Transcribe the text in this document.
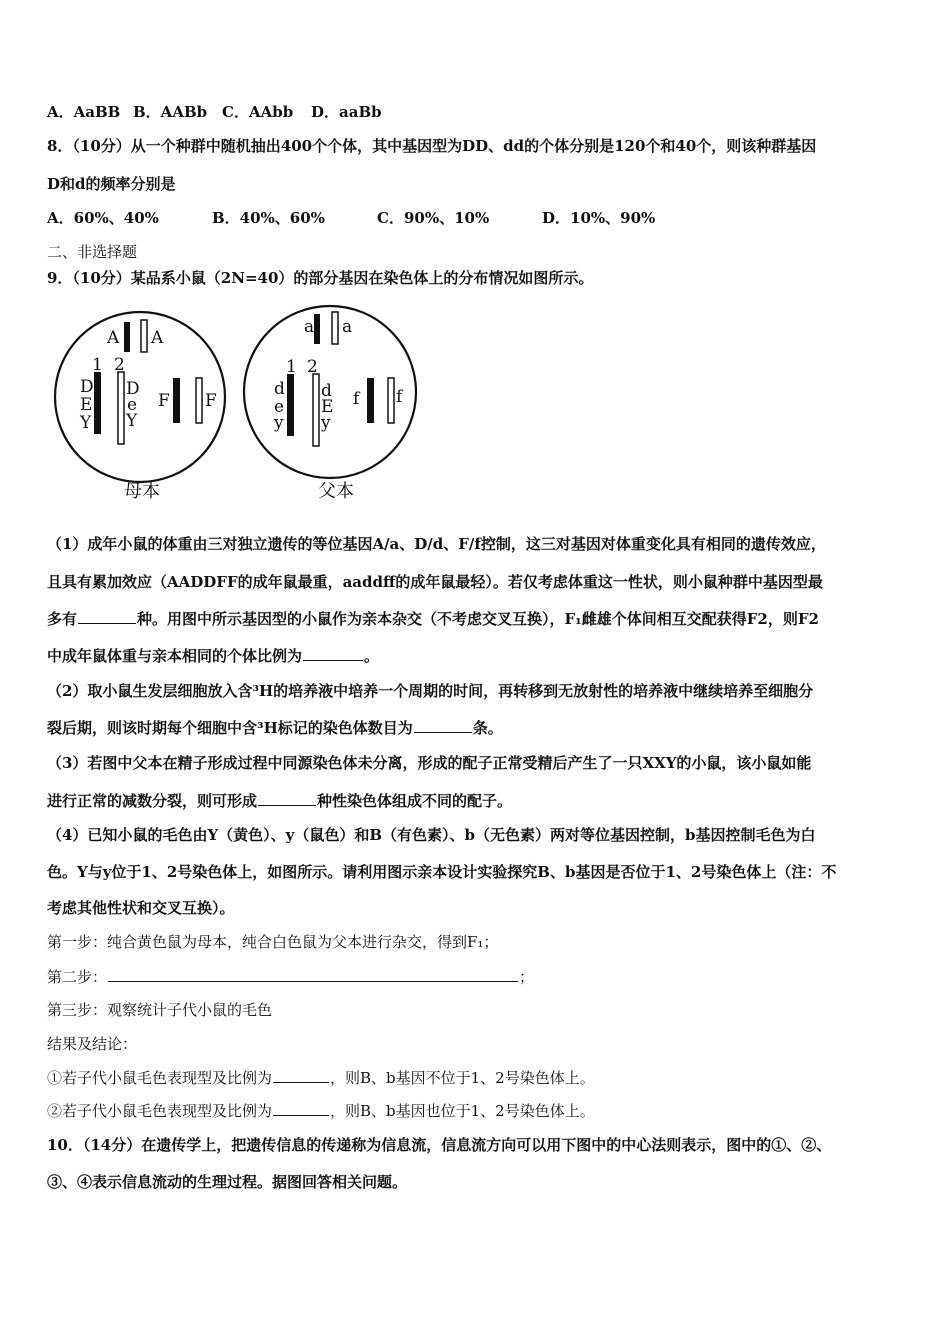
A．AaBB B．AABb C．AAbb D．aaBb
8．（10分）从一个种群中随机抽出400个个体，其中基因型为DD、dd的个体分别是120个和40个，则该种群基因
D和d的频率分别是
A．60%、40%	B．40%、60%	C．90%、10%	D．10%、90%
二、非选择题
9．（10分）某品系小鼠（2N=40）的部分基因在染色体上的分布情况如图所示。
A A
1 2
D
E
Y
D
e
Y
F F
a a
1 2
d
e
y
d
E
y
f f
母本	父本
（1）成年小鼠的体重由三对独立遗传的等位基因A/a、D/d、F/f控制，这三对基因对体重变化具有相同的遗传效应，
且具有累加效应（AADDFF的成年鼠最重，aaddff的成年鼠最轻）。若仅考虑体重这一性状，则小鼠种群中基因型最
多有	种。用图中所示基因型的小鼠作为亲本杂交（不考虑交叉互换），F₁雌雄个体间相互交配获得F2，则F2
中成年鼠体重与亲本相同的个体比例为	。
（2）取小鼠生发层细胞放入含³H的培养液中培养一个周期的时间，再转移到无放射性的培养液中继续培养至细胞分
裂后期，则该时期每个细胞中含³H标记的染色体数目为	条。
（3）若图中父本在精子形成过程中同源染色体未分离，形成的配子正常受精后产生了一只XXY的小鼠，该小鼠如能
进行正常的减数分裂，则可形成	种性染色体组成不同的配子。
（4）已知小鼠的毛色由Y（黄色）、y（鼠色）和B（有色素）、b（无色素）两对等位基因控制，b基因控制毛色为白
色。Y与y位于1、2号染色体上，如图所示。请利用图示亲本设计实验探究B、b基因是否位于1、2号染色体上（注：不
考虑其他性状和交叉互换）。
第一步：纯合黄色鼠为母本，纯合白色鼠为父本进行杂交，得到F₁；
第二步：	；
第三步：观察统计子代小鼠的毛色
结果及结论：
①若子代小鼠毛色表现型及比例为	，则B、b基因不位于1、2号染色体上。
②若子代小鼠毛色表现型及比例为	，则B、b基因也位于1、2号染色体上。
10．（14分）在遗传学上，把遗传信息的传递称为信息流，信息流方向可以用下图中的中心法则表示，图中的①、②、
③、④表示信息流动的生理过程。据图回答相关问题。
